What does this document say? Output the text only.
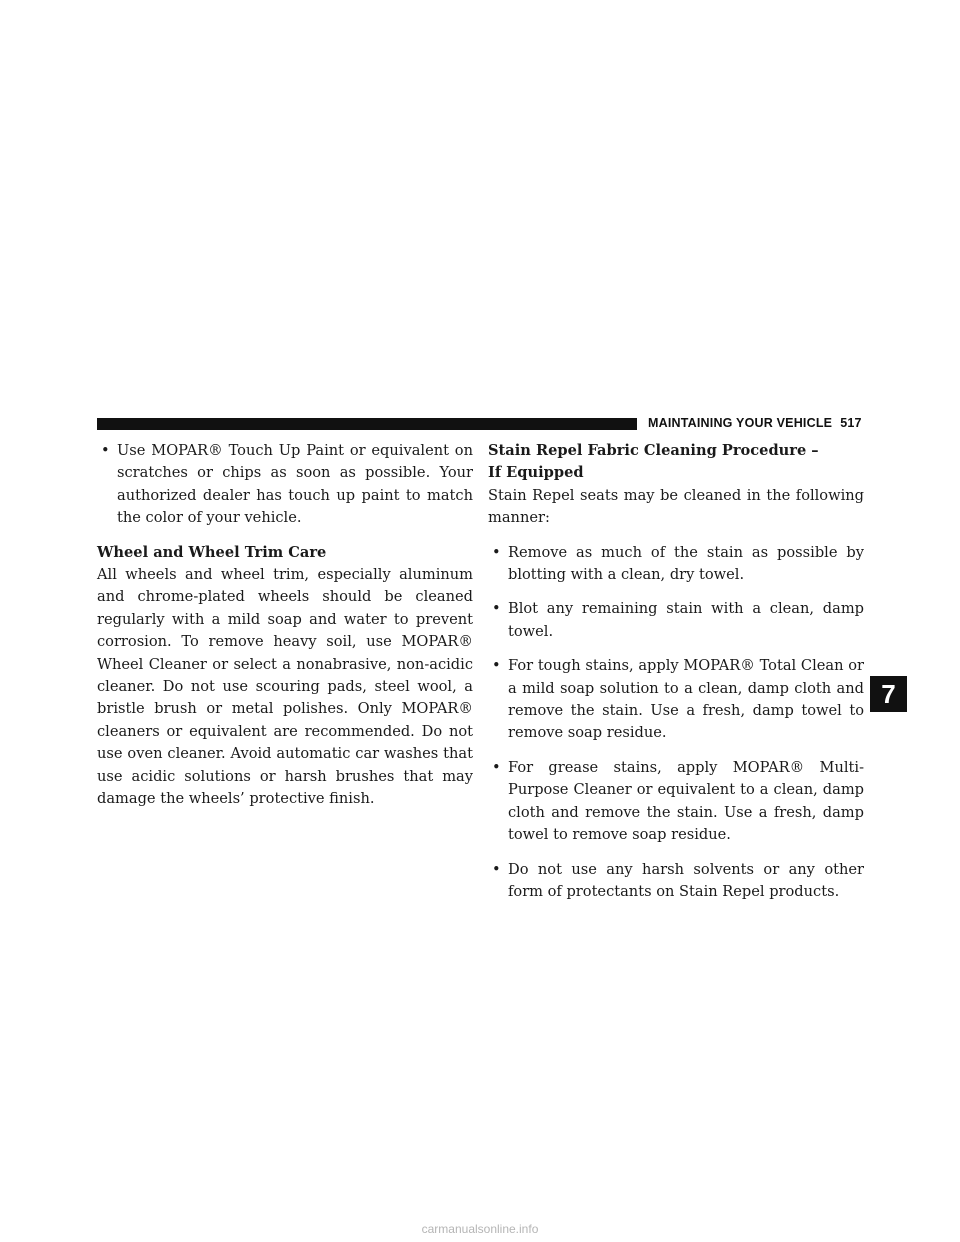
MAINTAINING YOUR VEHICLE 517
• Use MOPAR® Touch Up Paint or equivalent on scratches or chips as soon as possible. Your authorized dealer has touch up paint to match the color of your vehicle.
Wheel and Wheel Trim Care
All wheels and wheel trim, especially aluminum and chrome-plated wheels should be cleaned regularly with a mild soap and water to prevent corrosion. To remove heavy soil, use MOPAR® Wheel Cleaner or select a nonabrasive, non-acidic cleaner. Do not use scouring pads, steel wool, a bristle brush or metal polishes. Only MOPAR® cleaners or equivalent are recommended. Do not use oven cleaner. Avoid automatic car washes that use acidic solutions or harsh brushes that may damage the wheels’ protective finish.
Stain Repel Fabric Cleaning Procedure –
If Equipped
Stain Repel seats may be cleaned in the following manner:
• Remove as much of the stain as possible by blotting with a clean, dry towel.
• Blot any remaining stain with a clean, damp towel.
• For tough stains, apply MOPAR® Total Clean or a mild soap solution to a clean, damp cloth and remove the stain. Use a fresh, damp towel to remove soap residue.
• For grease stains, apply MOPAR® Multi-Purpose Cleaner or equivalent to a clean, damp cloth and remove the stain. Use a fresh, damp towel to remove soap residue.
• Do not use any harsh solvents or any other form of protectants on Stain Repel products.
7
carmanualsonline.info
